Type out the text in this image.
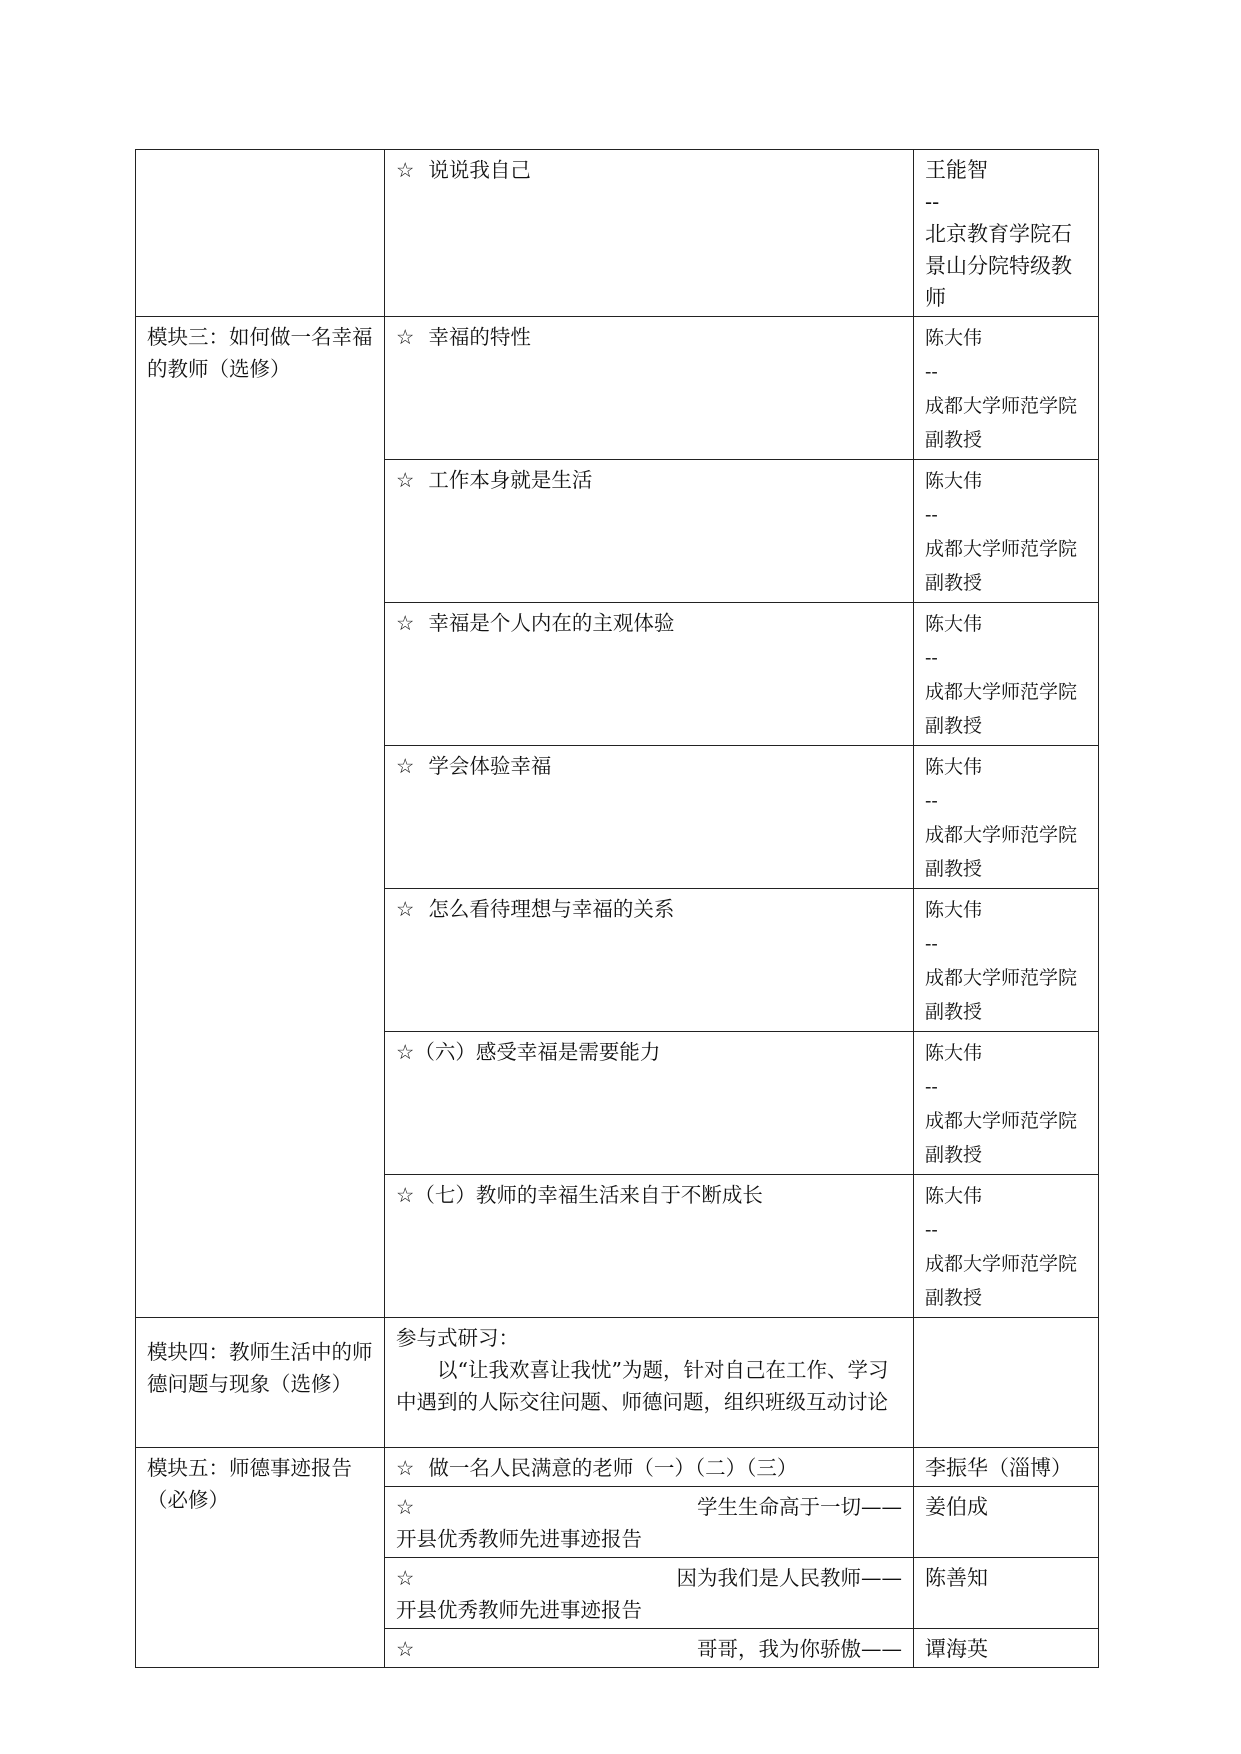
	☆ 说说我自己	王能智
--
北京教育学院石景山分院特级教师

模块三：如何做一名幸福的教师（选修）	☆ 幸福的特性	陈大伟
--
成都大学师范学院
副教授

	☆ 工作本身就是生活	陈大伟
--
成都大学师范学院
副教授

	☆ 幸福是个人内在的主观体验	陈大伟
--
成都大学师范学院
副教授

	☆ 学会体验幸福	陈大伟
--
成都大学师范学院
副教授

	☆ 怎么看待理想与幸福的关系	陈大伟
--
成都大学师范学院
副教授

	☆ （六）感受幸福是需要能力	陈大伟
--
成都大学师范学院
副教授

	☆ （七）教师的幸福生活来自于不断成长	陈大伟
--
成都大学师范学院
副教授

模块四：教师生活中的师德问题与现象（选修）	参与式研习：
以“让我欢喜让我忧”为题，针对自己在工作、学习中遇到的人际交往问题、师德问题，组织班级互动讨论	

模块五：师德事迹报告（必修）	☆ 做一名人民满意的老师（一）（二）（三）	李振华（淄博）

	☆ 学生生命高于一切——
开县优秀教师先进事迹报告	姜伯成

	☆ 因为我们是人民教师——
开县优秀教师先进事迹报告	陈善知

	☆ 哥哥，我为你骄傲——	谭海英
